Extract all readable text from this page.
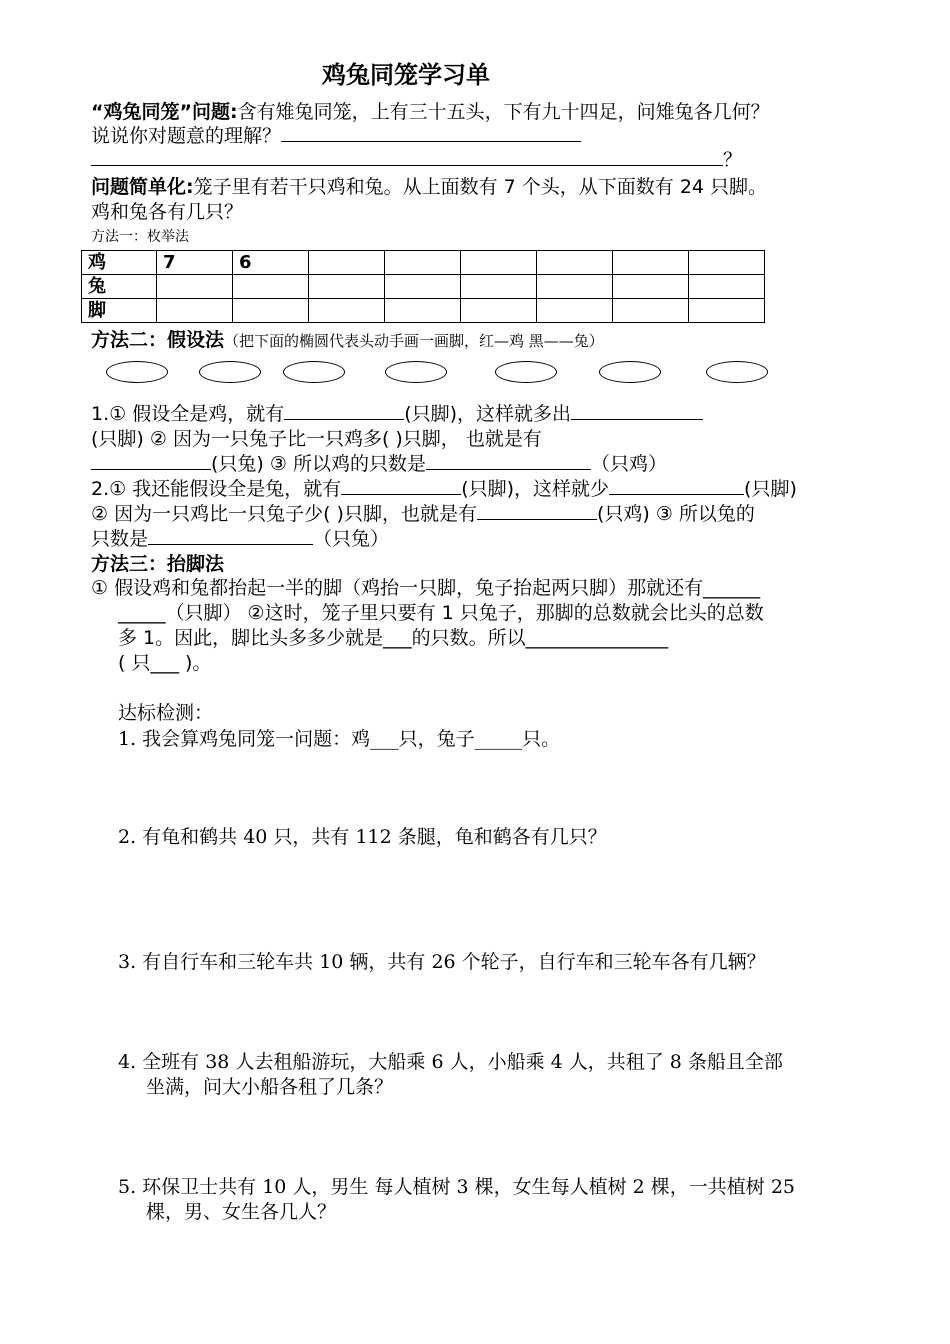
鸡兔同笼学习单
“鸡兔同笼”问题:含有雉兔同笼，上有三十五头，下有九十四足，问雉兔各几何？
说说你对题意的理解？
？
问题简单化:笼子里有若干只鸡和兔。从上面数有 7 个头，从下面数有 24 只脚。
鸡和兔各有几只？
方法一：枚举法
鸡	7	6						
兔								
脚								
方法二：假设法（把下面的椭圆代表头动手画一画脚，红—鸡 黑——兔）
1.① 假设全是鸡，就有	(只脚)，这样就多出
(只脚) ② 因为一只兔子比一只鸡多( )只脚， 也就是有
(只兔) ③ 所以鸡的只数是	（只鸡）
2.① 我还能假设全是兔，就有	(只脚)，这样就少	(只脚)
② 因为一只鸡比一只兔子少( )只脚，也就是有	(只鸡) ③ 所以兔的
只数是	（只兔）
方法三：抬脚法
① 假设鸡和兔都抬起一半的脚（鸡抬一只脚，兔子抬起两只脚）那就还有______
_____（只脚） ②这时，笼子里只要有 1 只兔子，那脚的总数就会比头的总数
多 1。因此，脚比头多多少就是___的只数。所以_______________
( 只___ )。
达标检测：
1. 我会算鸡兔同笼一问题：鸡___只，兔子_____只。
2. 有龟和鹤共 40 只，共有 112 条腿，龟和鹤各有几只？
3. 有自行车和三轮车共 10 辆，共有 26 个轮子，自行车和三轮车各有几辆？
4. 全班有 38 人去租船游玩，大船乘 6 人，小船乘 4 人，共租了 8 条船且全部
坐满，问大小船各租了几条？
5. 环保卫士共有 10 人，男生 每人植树 3 棵，女生每人植树 2 棵，一共植树 25
棵，男、女生各几人？
